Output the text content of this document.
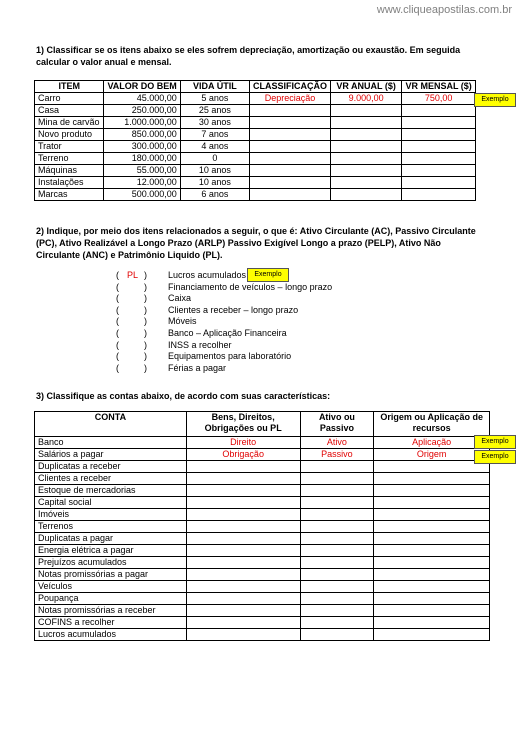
www.cliqueapostilas.com.br
1) Classificar se os itens abaixo se eles sofrem depreciação, amortização ou exaustão. Em seguida calcular o valor anual e mensal.
ITEM	VALOR DO BEM	VIDA ÚTIL	CLASSIFICAÇÃO	VR ANUAL ($)	VR MENSAL ($)
Carro	45.000,00	5 anos	Depreciação	9.000,00	750,00
Casa	250.000,00	25 anos			
Mina de carvão	1.000.000,00	30 anos			
Novo produto	850.000,00	7 anos			
Trator	300.000,00	4 anos			
Terreno	180.000,00	0			
Máquinas	55.000,00	10 anos			
Instalações	12.000,00	10 anos			
Marcas	500.000,00	6 anos			
Exemplo
2) Indique, por meio dos itens relacionados a seguir, o que é: Ativo Circulante (AC), Passivo Circulante (PC), Ativo Realizável a Longo Prazo (ARLP) Passivo Exigível Longo a prazo (PELP), Ativo Não Circulante (ANC) e Patrimônio Liquido (PL).
( PL ) Lucros acumulados
(	) Financiamento de veículos – longo prazo
(	) Caixa
(	) Clientes a receber – longo prazo
(	) Móveis
(	) Banco – Aplicação Financeira
(	) INSS a recolher
(	) Equipamentos para laboratório
(	) Férias a pagar
Exemplo
3) Classifique as contas abaixo, de acordo com suas características:
CONTA	Bens, Direitos, Obrigações ou PL	Ativo ou Passivo	Origem ou Aplicação de recursos
Banco	Direito	Ativo	Aplicação
Salários a pagar	Obrigação	Passivo	Origem
Duplicatas a receber			
Clientes a receber			
Estoque de mercadorias			
Capital social			
Imóveis			
Terrenos			
Duplicatas a pagar			
Energia elétrica a pagar			
Prejuízos acumulados			
Notas promissórias a pagar			
Veículos			
Poupança			
Notas promissórias a receber			
COFINS a recolher			
Lucros acumulados			
Exemplo
Exemplo
